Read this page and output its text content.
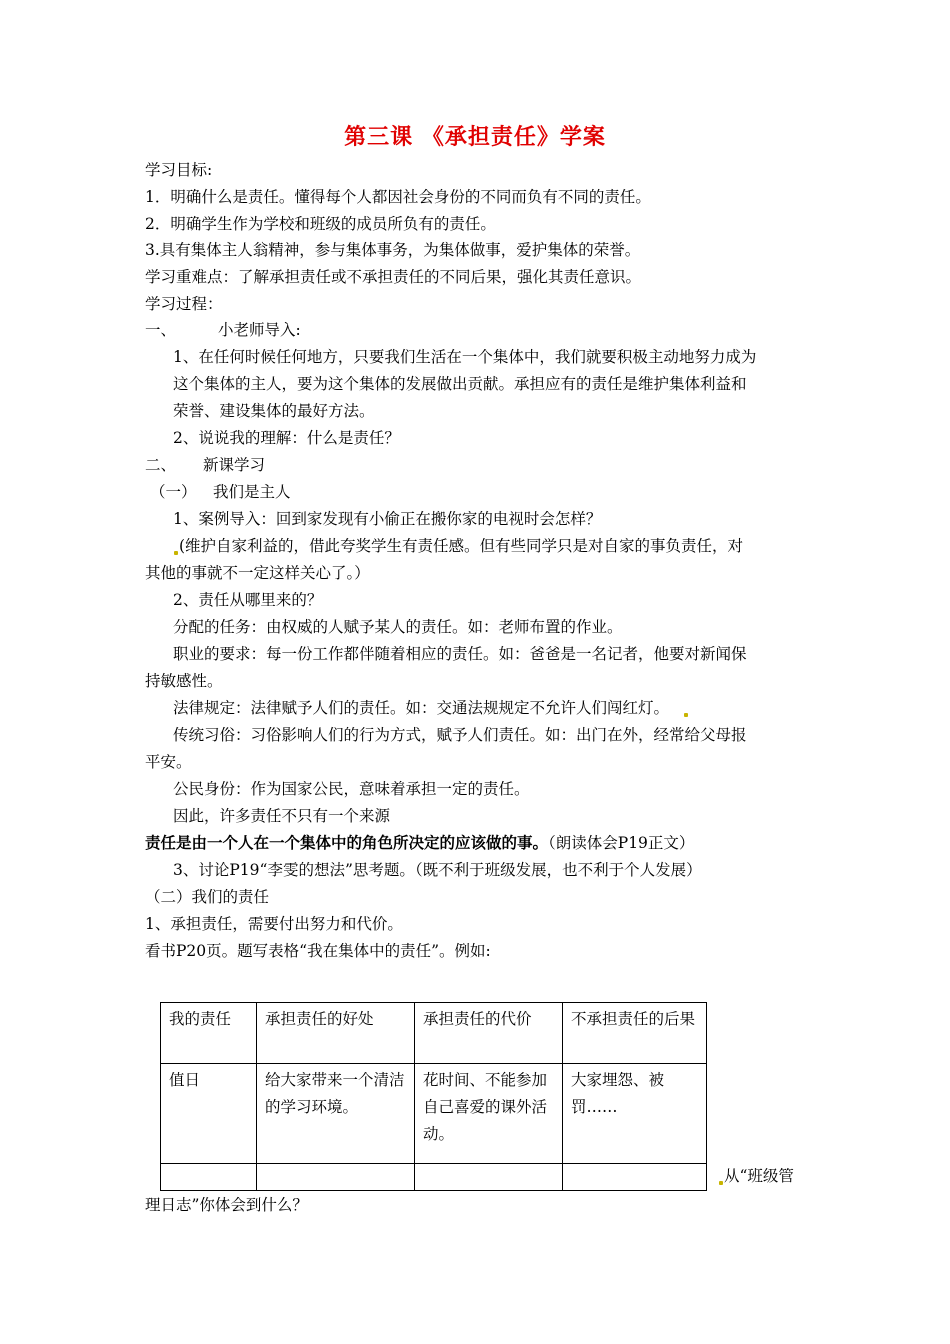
第三课 《承担责任》学案
学习目标:
1．明确什么是责任。懂得每个人都因社会身份的不同而负有不同的责任。
2．明确学生作为学校和班级的成员所负有的责任。
3.具有集体主人翁精神，参与集体事务，为集体做事，爱护集体的荣誉。
学习重难点：了解承担责任或不承担责任的不同后果，强化其责任意识。
学习过程：
一、	小老师导入:
1、在任何时候任何地方，只要我们生活在一个集体中，我们就要积极主动地努力成为
这个集体的主人，要为这个集体的发展做出贡献。承担应有的责任是维护集体利益和
荣誉、建设集体的最好方法。
2、说说我的理解：什么是责任？
二、 新课学习
（一） 我们是主人
1、案例导入：回到家发现有小偷正在搬你家的电视时会怎样？
(维护自家利益的，借此夸奖学生有责任感。但有些同学只是对自家的事负责任，对
其他的事就不一定这样关心了。）
2、责任从哪里来的？
分配的任务：由权威的人赋予某人的责任。如：老师布置的作业。
职业的要求：每一份工作都伴随着相应的责任。如：爸爸是一名记者，他要对新闻保
持敏感性。
法律规定：法律赋予人们的责任。如：交通法规规定不允许人们闯红灯。
传统习俗：习俗影响人们的行为方式，赋予人们责任。如：出门在外，经常给父母报
平安。
公民身份：作为国家公民，意味着承担一定的责任。
因此，许多责任不只有一个来源
责任是由一个人在一个集体中的角色所决定的应该做的事。（朗读体会P19正文）
3、讨论P19“李雯的想法”思考题。（既不利于班级发展，也不利于个人发展）
（二）我们的责任
1、承担责任，需要付出努力和代价。
看书P20页。题写表格“我在集体中的责任”。例如:
我的责任	承担责任的好处	承担责任的代价	不承担责任的后果
值日	给大家带来一个清洁的学习环境。	花时间、不能参加自己喜爱的课外活动。	大家埋怨、被罚……

从“班级管
理日志”你体会到什么？
